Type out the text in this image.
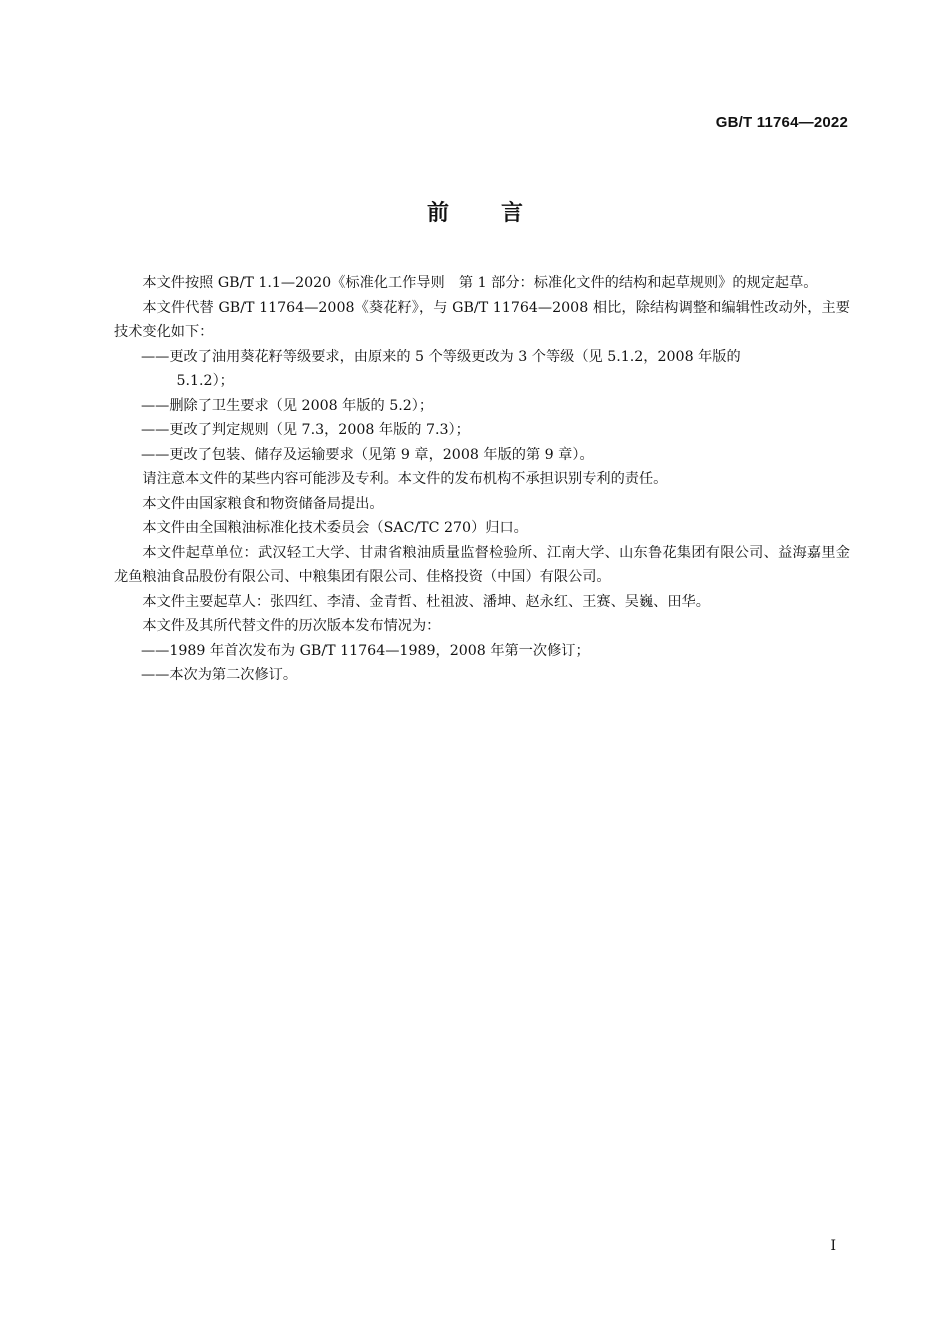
GB/T 11764—2022
前 言

本文件按照 GB/T 1.1—2020《标准化工作导则　第 1 部分：标准化文件的结构和起草规则》的规定起草。

本文件代替 GB/T 11764—2008《葵花籽》，与 GB/T 11764—2008 相比，除结构调整和编辑性改动外，主要技术变化如下：

——更改了油用葵花籽等级要求，由原来的 5 个等级更改为 3 个等级（见 5.1.2，2008 年版的

5.1.2）；

——删除了卫生要求（见 2008 年版的 5.2）；

——更改了判定规则（见 7.3，2008 年版的 7.3）；

——更改了包装、储存及运输要求（见第 9 章，2008 年版的第 9 章）。

请注意本文件的某些内容可能涉及专利。本文件的发布机构不承担识别专利的责任。

本文件由国家粮食和物资储备局提出。

本文件由全国粮油标准化技术委员会（SAC/TC 270）归口。

本文件起草单位：武汉轻工大学、甘肃省粮油质量监督检验所、江南大学、山东鲁花集团有限公司、益海嘉里金龙鱼粮油食品股份有限公司、中粮集团有限公司、佳格投资（中国）有限公司。

本文件主要起草人：张四红、李清、金青哲、杜祖波、潘坤、赵永红、王赛、吴巍、田华。

本文件及其所代替文件的历次版本发布情况为：

——1989 年首次发布为 GB/T 11764—1989，2008 年第一次修订；

——本次为第二次修订。

I
